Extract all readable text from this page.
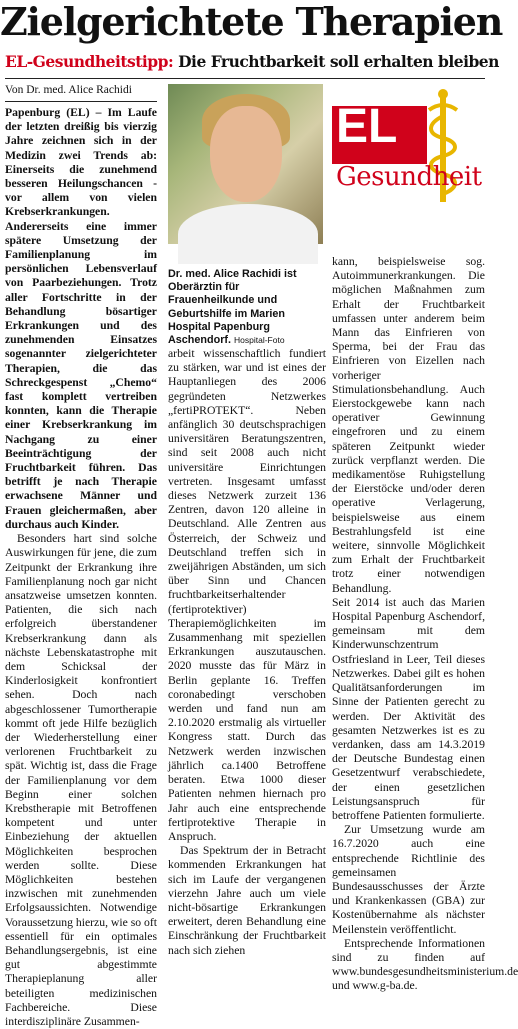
Zielgerichtete Therapien
EL-Gesundheitstipp: Die Fruchtbarkeit soll erhalten bleiben
Von Dr. med. Alice Rachidi

Papenburg (EL) – Im Laufe der letzten dreißig bis vierzig Jahre zeichnen sich in der Medizin zwei Trends ab: Einerseits die zunehmend besseren Heilungschancen - vor allem von vielen Krebserkrankungen. Andererseits eine immer spätere Umsetzung der Familienplanung im persönlichen Lebensverlauf von Paarbeziehungen. Trotz aller Fortschritte in der Behandlung bösartiger Erkrankungen und des zunehmenden Einsatzes sogenannter zielgerichteter Therapien, die das Schreckgespenst „Chemo“ fast komplett vertreiben konnten, kann die Therapie einer Krebserkrankung im Nachgang zu einer Beeinträchtigung der Fruchtbarkeit führen. Das betrifft je nach Therapie erwachsene Männer und Frauen gleichermaßen, aber durchaus auch Kinder.

Besonders hart sind solche Auswirkungen für jene, die zum Zeitpunkt der Erkrankung ihre Familienplanung noch gar nicht ansatzweise umsetzen konnten. Patienten, die sich nach erfolgreich überstandener Krebserkrankung dann als nächste Lebenskatastrophe mit dem Schicksal der Kinderlosigkeit konfrontiert sehen. Doch nach abgeschlossener Tumortherapie kommt oft jede Hilfe bezüglich der Wiederherstellung einer verlorenen Fruchtbarkeit zu spät. Wichtig ist, dass die Frage der Familienplanung vor dem Beginn einer solchen Krebstherapie mit Betroffenen kompetent und unter Einbeziehung der aktuellen Möglichkeiten besprochen werden sollte. Diese Möglichkeiten bestehen inzwischen mit zunehmenden Erfolgsaussichten. Notwendige Voraussetzung hierzu, wie so oft essentiell für ein optimales Behandlungsergebnis, ist eine gut abgestimmte Therapieplanung aller beteiligten medizinischen Fachbereiche. Diese interdisziplinäre Zusammen-

Dr. med. Alice Rachidi ist Oberärztin für Frauenheilkunde und Geburtshilfe im Marien Hospital Papenburg Aschendorf. Hospital-Foto

arbeit wissenschaftlich fundiert zu stärken, war und ist eines der Hauptanliegen des 2006 gegründeten Netzwerkes „fertiPROTEKT“. Neben anfänglich 30 deutschsprachigen universitären Beratungszentren, sind seit 2008 auch nicht universitäre Einrichtungen vertreten. Insgesamt umfasst dieses Netzwerk zurzeit 136 Zentren, davon 120 alleine in Deutschland. Alle Zentren aus Österreich, der Schweiz und Deutschland treffen sich in zweijährigen Abständen, um sich über Sinn und Chancen fruchtbarkeitserhaltender (fertiprotektiver) Therapiemöglichkeiten im Zusammenhang mit speziellen Erkrankungen auszutauschen. 2020 musste das für März in Berlin geplante 16. Treffen coronabedingt verschoben werden und fand nun am 2.10.2020 erstmalig als virtueller Kongress statt. Durch das Netzwerk werden inzwischen jährlich ca.1400 Betroffene beraten. Etwa 1000 dieser Patienten nehmen hiernach pro Jahr auch eine entsprechende fertiprotektive Therapie in Anspruch.

Das Spektrum der in Betracht kommenden Erkrankungen hat sich im Laufe der vergangenen vierzehn Jahre auch um viele nicht-bösartige Erkrankungen erweitert, deren Behandlung eine Einschränkung der Fruchtbarkeit nach sich ziehen

EL
Gesundheit

kann, beispielsweise sog. Autoimmunerkrankungen. Die möglichen Maßnahmen zum Erhalt der Fruchtbarkeit umfassen unter anderem beim Mann das Einfrieren von Sperma, bei der Frau das Einfrieren von Eizellen nach vorheriger Stimulationsbehandlung. Auch Eierstockgewebe kann nach operativer Gewinnung eingefroren und zu einem späteren Zeitpunkt wieder zurück verpflanzt werden. Die medikamentöse Ruhigstellung der Eierstöcke und/oder deren operative Verlagerung, beispielsweise aus einem Bestrahlungsfeld ist eine weitere, sinnvolle Möglichkeit zum Erhalt der Fruchtbarkeit trotz einer notwendigen Behandlung.

Seit 2014 ist auch das Marien Hospital Papenburg Aschendorf, gemeinsam mit dem Kinderwunschzentrum Ostfriesland in Leer, Teil dieses Netzwerkes. Dabei gilt es hohen Qualitätsanforderungen im Sinne der Patienten gerecht zu werden. Der Aktivität des gesamten Netzwerkes ist es zu verdanken, dass am 14.3.2019 der Deutsche Bundestag einen Gesetzentwurf verabschiedete, der einen gesetzlichen Leistungsanspruch für betroffene Patienten formulierte.

Zur Umsetzung wurde am 16.7.2020 auch eine entsprechende Richtlinie des gemeinsamen Bundesausschusses der Ärzte und Krankenkassen (GBA) zur Kostenübernahme als nächster Meilenstein veröffentlicht.

Entsprechende Informationen sind zu finden auf www.bundesgesundheitsministerium.de und www.g-ba.de.
